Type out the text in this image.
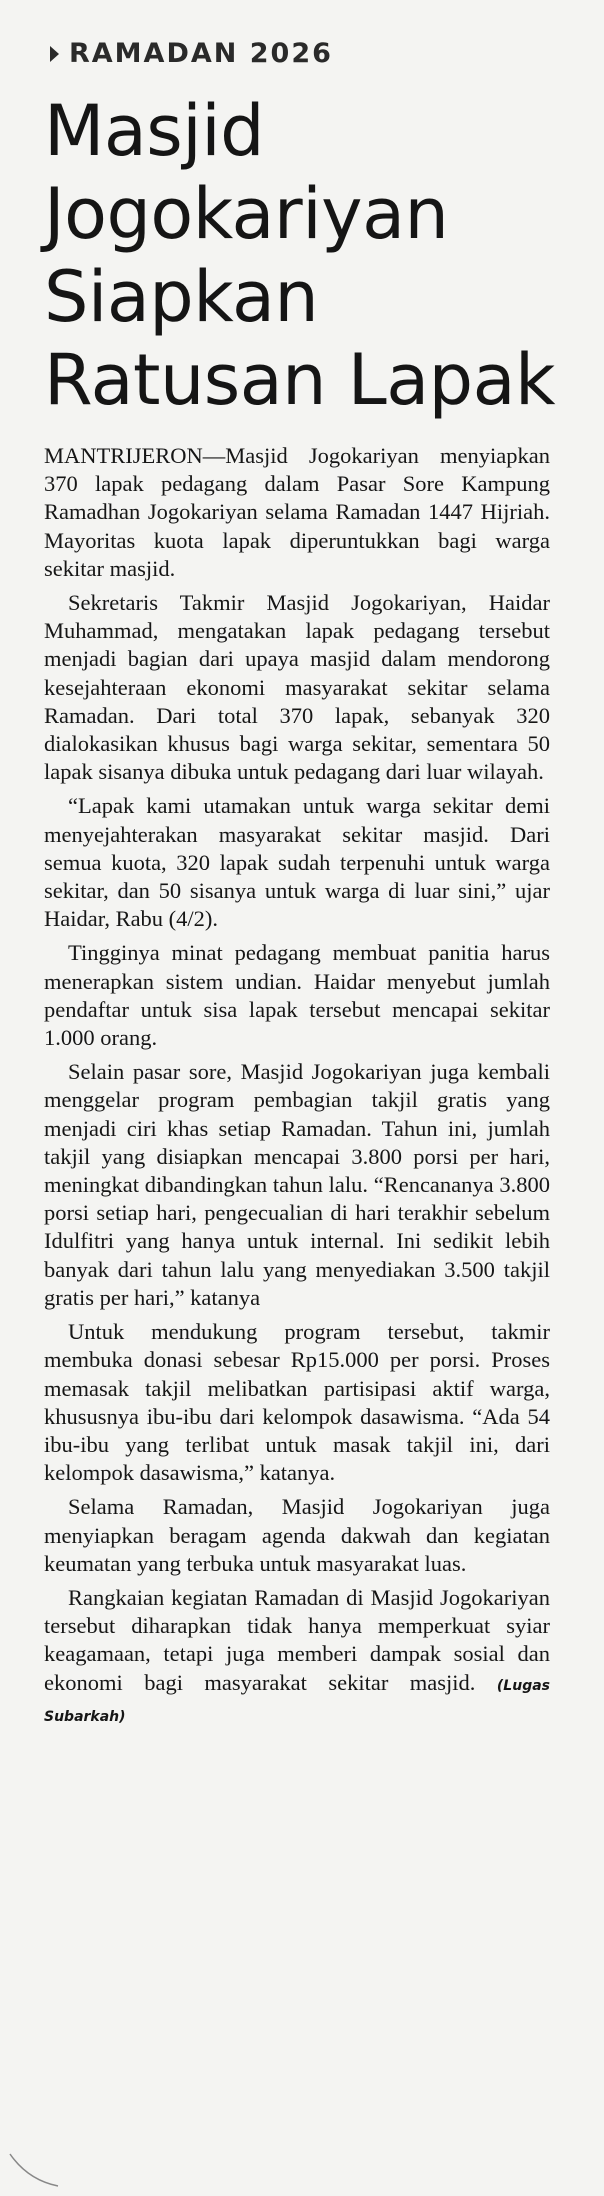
RAMADAN 2026
Masjid
Jogokariyan
Siapkan
Ratusan Lapak

MANTRIJERON—Masjid Jogokariyan menyiapkan 370 lapak pedagang dalam Pasar Sore Kampung Ramadhan Jogokariyan selama Ramadan 1447 Hijriah. Mayoritas kuota lapak diperuntukkan bagi warga sekitar masjid.

Sekretaris Takmir Masjid Jogokariyan, Haidar Muhammad, mengatakan lapak pedagang tersebut menjadi bagian dari upaya masjid dalam mendorong kesejahteraan ekonomi masyarakat sekitar selama Ramadan. Dari total 370 lapak, sebanyak 320 dialokasikan khusus bagi warga sekitar, sementara 50 lapak sisanya dibuka untuk pedagang dari luar wilayah.

“Lapak kami utamakan untuk warga sekitar demi menyejahterakan masyarakat sekitar masjid. Dari semua kuota, 320 lapak sudah terpenuhi untuk warga sekitar, dan 50 sisanya untuk warga di luar sini,” ujar Haidar, Rabu (4/2).

Tingginya minat pedagang membuat panitia harus menerapkan sistem undian. Haidar menyebut jumlah pendaftar untuk sisa lapak tersebut mencapai sekitar 1.000 orang.

Selain pasar sore, Masjid Jogokariyan juga kembali menggelar program pembagian takjil gratis yang menjadi ciri khas setiap Ramadan. Tahun ini, jumlah takjil yang disiapkan mencapai 3.800 porsi per hari, meningkat dibandingkan tahun lalu. “Rencananya 3.800 porsi setiap hari, pengecualian di hari terakhir sebelum Idulfitri yang hanya untuk internal. Ini sedikit lebih banyak dari tahun lalu yang menyediakan 3.500 takjil gratis per hari,” katanya

Untuk mendukung program tersebut, takmir membuka donasi sebesar Rp15.000 per porsi. Proses memasak takjil melibatkan partisipasi aktif warga, khususnya ibu-ibu dari kelompok dasawisma. “Ada 54 ibu-ibu yang terlibat untuk masak takjil ini, dari kelompok dasawisma,” katanya.

Selama Ramadan, Masjid Jogokariyan juga menyiapkan beragam agenda dakwah dan kegiatan keumatan yang terbuka untuk masyarakat luas.

Rangkaian kegiatan Ramadan di Masjid Jogokariyan tersebut diharapkan tidak hanya memperkuat syiar keagamaan, tetapi juga memberi dampak sosial dan ekonomi bagi masyarakat sekitar masjid. (Lugas Subarkah)
